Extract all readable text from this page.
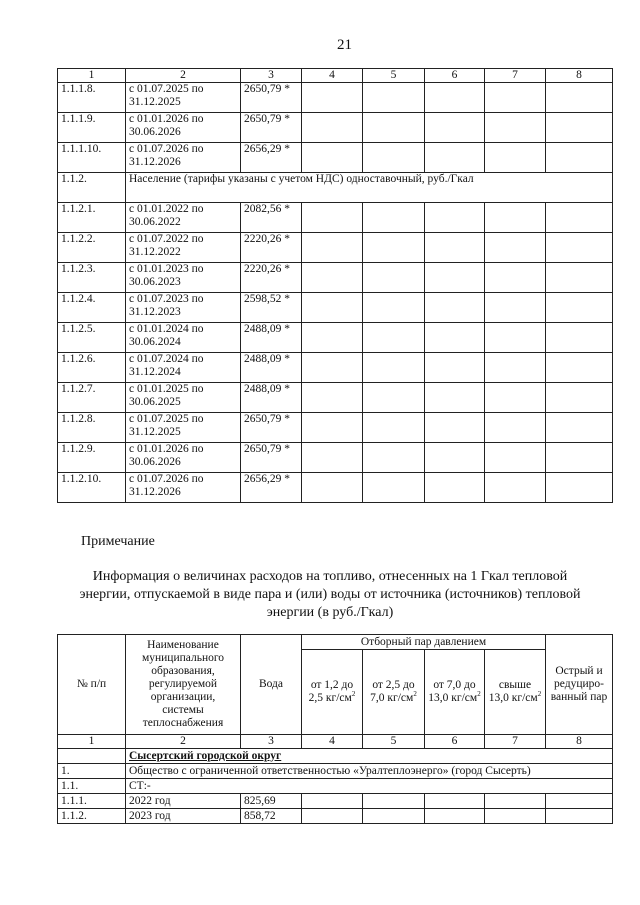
21
1	2	3	4	5	6	7	8
1.1.1.8.	с 01.07.2025 по 31.12.2025	2650,79 *					
1.1.1.9.	с 01.01.2026 по 30.06.2026	2650,79 *					
1.1.1.10.	с 01.07.2026 по 31.12.2026	2656,29 *					
1.1.2.	Население (тарифы указаны с учетом НДС) одноставочный, руб./Гкал						
1.1.2.1.	с 01.01.2022 по 30.06.2022	2082,56 *					
1.1.2.2.	с 01.07.2022 по 31.12.2022	2220,26 *					
1.1.2.3.	с 01.01.2023 по 30.06.2023	2220,26 *					
1.1.2.4.	с 01.07.2023 по 31.12.2023	2598,52 *					
1.1.2.5.	с 01.01.2024 по 30.06.2024	2488,09 *					
1.1.2.6.	с 01.07.2024 по 31.12.2024	2488,09 *					
1.1.2.7.	с 01.01.2025 по 30.06.2025	2488,09 *					
1.1.2.8.	с 01.07.2025 по 31.12.2025	2650,79 *					
1.1.2.9.	с 01.01.2026 по 30.06.2026	2650,79 *					
1.1.2.10.	с 01.07.2026 по 31.12.2026	2656,29 *					
Примечание
Информация о величинах расходов на топливо, отнесенных на 1 Гкал тепловой энергии, отпускаемой в виде пара и (или) воды от источника (источников) тепловой энергии (в руб./Гкал)
№ п/п	Наименование муниципального образования, регулируемой организации, системы теплоснабжения	Вода	Отборный пар давлением				Острый и редуциро-ванный пар
			от 1,2 до 2,5 $кг/см^2$	от 2,5 до 7,0 $кг/см^2$	от 7,0 до 13,0 $кг/см^2$	свыше 13,0 $кг/см^2$
1	2	3	4	5	6	7	8
	Сысертский городской округ						
1.	Общество с ограниченной ответственностью «Уралтеплоэнерго» (город Сысерть)						
1.1.	СТ:-						
1.1.1.	2022 год	825,69					
1.1.2.	2023 год	858,72					
